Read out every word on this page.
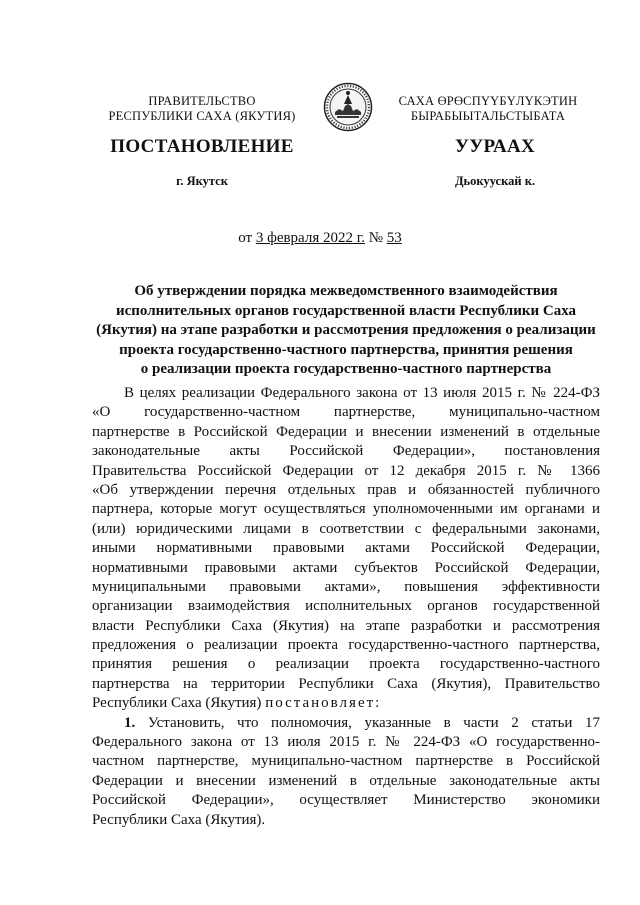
ПРАВИТЕЛЬСТВО
РЕСПУБЛИКИ САХА (ЯКУТИЯ)
САХА ӨРӨСПҮҮБҮЛҮКЭТИН
БЫРАБЫЫТАЛЬСТЫБАТА
ПОСТАНОВЛЕНИЕ	УУРААХ
г. Якутск	Дьокуускай к.
от 3 февраля 2022 г. № 53
Об утверждении порядка межведомственного взаимодействия
исполнительных органов государственной власти Республики Саха
(Якутия) на этапе разработки и рассмотрения предложения о реализации
проекта государственно-частного партнерства, принятия решения
о реализации проекта государственно-частного партнерства
В целях реализации Федерального закона от 13 июля 2015 г. № 224-ФЗ
«О государственно-частном партнерстве, муниципально-частном
партнерстве в Российской Федерации и внесении изменений в отдельные
законодательные акты Российской Федерации», постановления
Правительства Российской Федерации от 12 декабря 2015 г. № 1366
«Об утверждении перечня отдельных прав и обязанностей публичного
партнера, которые могут осуществляться уполномоченными им органами и
(или) юридическими лицами в соответствии с федеральными законами,
иными нормативными правовыми актами Российской Федерации,
нормативными правовыми актами субъектов Российской Федерации,
муниципальными правовыми актами», повышения эффективности
организации взаимодействия исполнительных органов государственной
власти Республики Саха (Якутия) на этапе разработки и рассмотрения
предложения о реализации проекта государственно-частного партнерства,
принятия решения о реализации проекта государственно-частного
партнерства на территории Республики Саха (Якутия), Правительство
Республики Саха (Якутия) постановляет:
1. Установить, что полномочия, указанные в части 2 статьи 17
Федерального закона от 13 июля 2015 г. № 224-ФЗ «О государственно-
частном партнерстве, муниципально-частном партнерстве в Российской
Федерации и внесении изменений в отдельные законодательные акты
Российской Федерации», осуществляет Министерство экономики
Республики Саха (Якутия).
